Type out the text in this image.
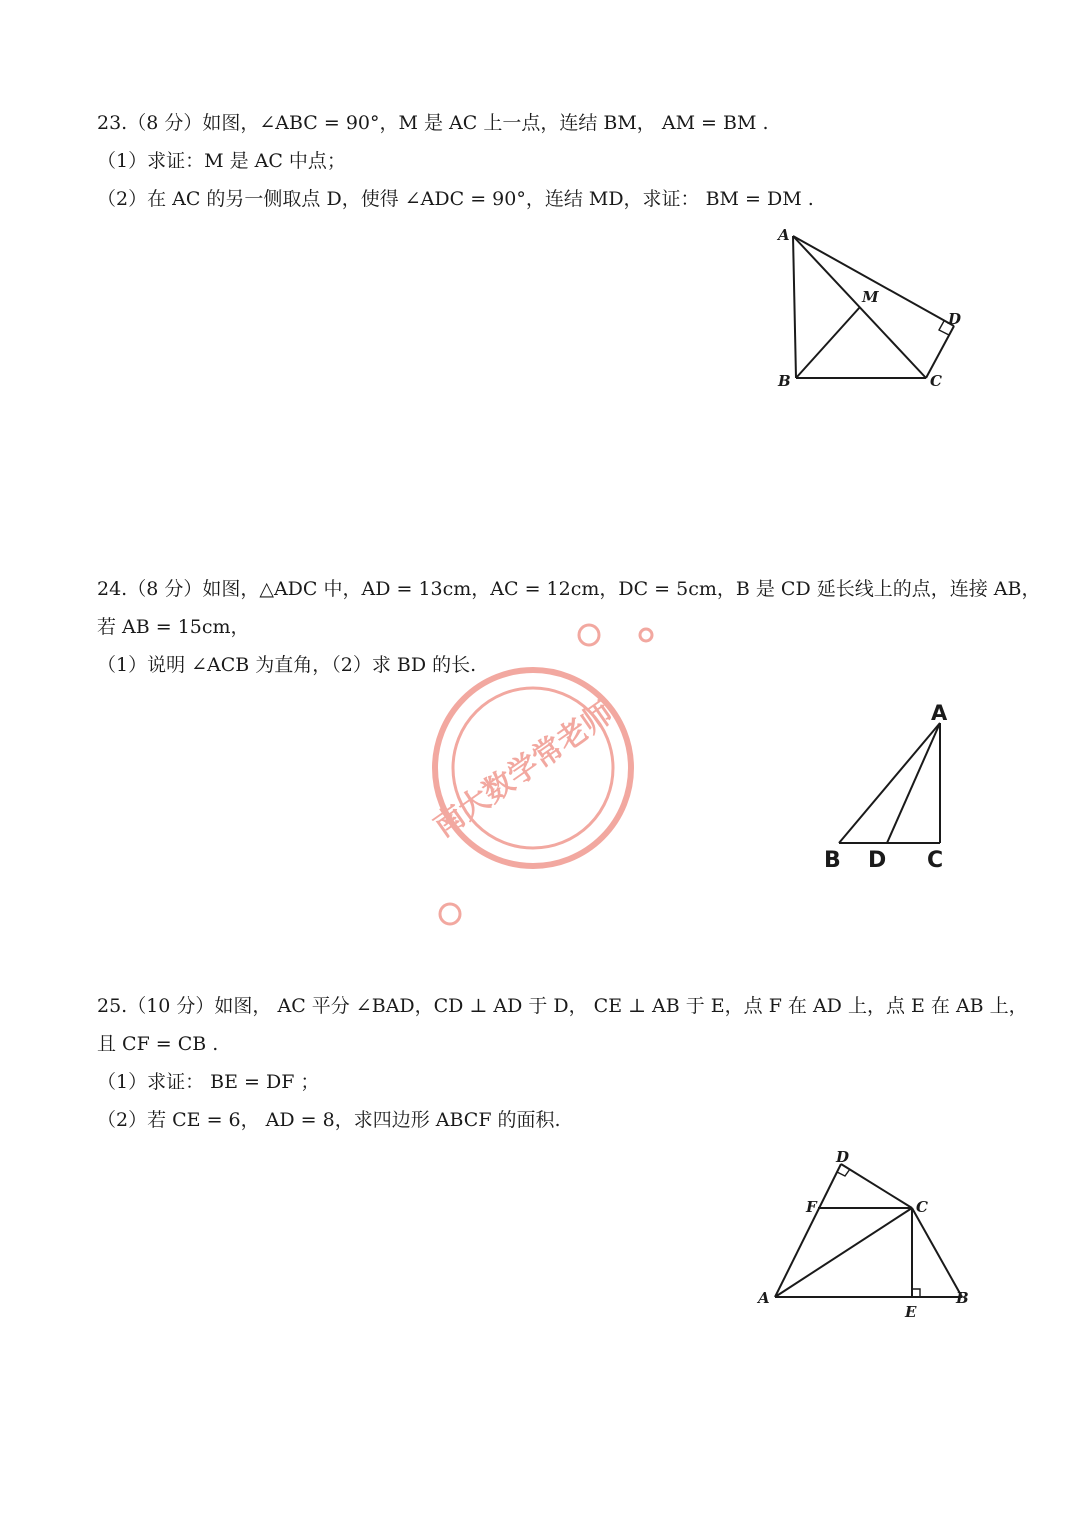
23.（8 分）如图，∠ABC = 90°，M 是 AC 上一点，连结 BM， AM = BM .
（1）求证：M 是 AC 中点；
（2）在 AC 的另一侧取点 D，使得 ∠ADC = 90°，连结 MD，求证： BM = DM .
A
B	C
D
M
24.（8 分）如图，△ADC 中，AD = 13cm，AC = 12cm，DC = 5cm，B 是 CD 延长线上的点，连接 AB，
若 AB = 15cm，
（1）说明 ∠ACB 为直角，（2）求 BD 的长.
A
B D C
南大数学常老师
25.（10 分）如图， AC 平分 ∠BAD，CD ⊥ AD 于 D， CE ⊥ AB 于 E，点 F 在 AD 上，点 E 在 AB 上，
且 CF = CB .
（1）求证： BE = DF ；
（2）若 CE = 6， AD = 8，求四边形 ABCF 的面积.
A	B
C
D
E
F
